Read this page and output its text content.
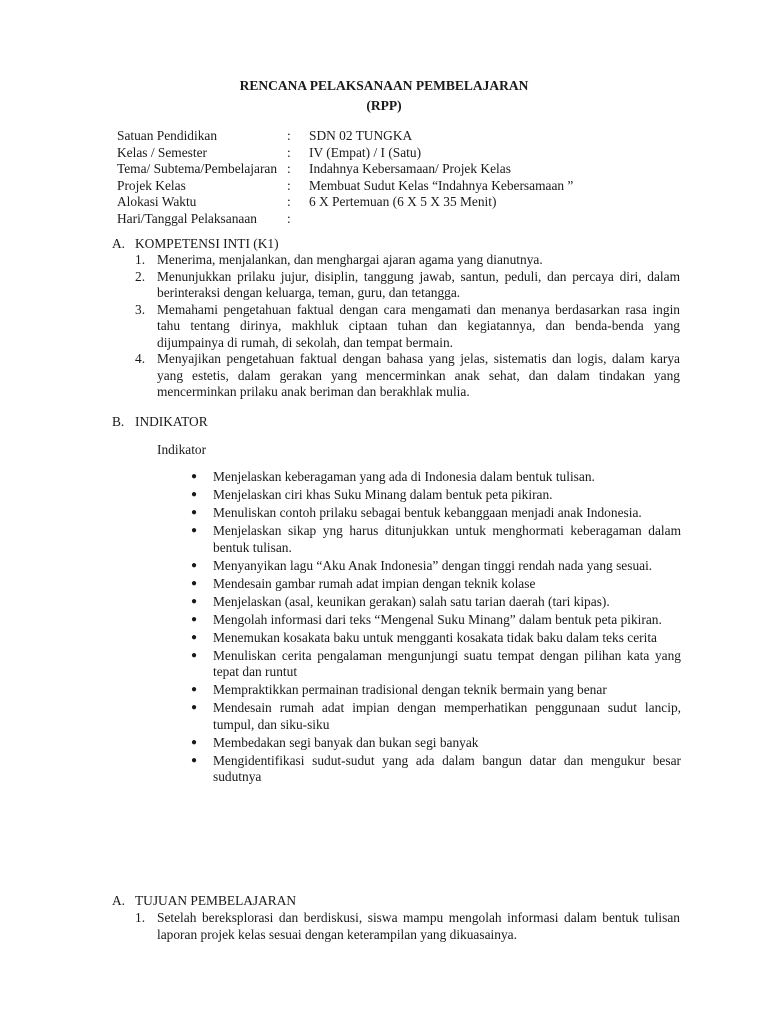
RENCANA PELAKSANAAN PEMBELAJARAN
(RPP)
Satuan Pendidikan	:	SDN 02 TUNGKA
Kelas / Semester	:	IV (Empat) / I (Satu)
Tema/ Subtema/Pembelajaran :	Indahnya Kebersamaan/ Projek Kelas
Projek Kelas	:	Membuat Sudut Kelas “Indahnya Kebersamaan ”
Alokasi Waktu	:	6 X Pertemuan (6 X 5 X 35 Menit)
Hari/Tanggal Pelaksanaan	:
A. KOMPETENSI INTI (K1)
1. Menerima, menjalankan, dan menghargai ajaran agama yang dianutnya.
2. Menunjukkan prilaku jujur, disiplin, tanggung jawab, santun, peduli, dan percaya diri, dalam berinteraksi dengan keluarga, teman, guru, dan tetangga.
3. Memahami pengetahuan faktual dengan cara mengamati dan menanya berdasarkan rasa ingin tahu tentang dirinya, makhluk ciptaan tuhan dan kegiatannya, dan benda-benda yang dijumpainya di rumah, di sekolah, dan tempat bermain.
4. Menyajikan pengetahuan faktual dengan bahasa yang jelas, sistematis dan logis, dalam karya yang estetis, dalam gerakan yang mencerminkan anak sehat, dan dalam tindakan yang mencerminkan prilaku anak beriman dan berakhlak mulia.
B. INDIKATOR
Indikator
●	Menjelaskan keberagaman yang ada di Indonesia dalam bentuk tulisan.
●	Menjelaskan ciri khas Suku Minang dalam bentuk peta pikiran.
●	Menuliskan contoh prilaku sebagai bentuk kebanggaan menjadi anak Indonesia.
●	Menjelaskan sikap yng harus ditunjukkan untuk menghormati keberagaman dalam bentuk tulisan.
●	Menyanyikan lagu “Aku Anak Indonesia” dengan tinggi rendah nada yang sesuai.
●	Mendesain gambar rumah adat impian dengan teknik kolase
●	Menjelaskan (asal, keunikan gerakan) salah satu tarian daerah (tari kipas).
●	Mengolah informasi dari teks “Mengenal Suku Minang” dalam bentuk peta pikiran.
●	Menemukan kosakata baku untuk mengganti kosakata tidak baku dalam teks cerita
●	Menuliskan cerita pengalaman mengunjungi suatu tempat dengan pilihan kata yang tepat dan runtut
●	Mempraktikkan permainan tradisional dengan teknik bermain yang benar
●	Mendesain rumah adat impian dengan memperhatikan penggunaan sudut lancip, tumpul, dan siku-siku
●	Membedakan segi banyak dan bukan segi banyak
●	Mengidentifikasi sudut-sudut yang ada dalam bangun datar dan mengukur besar sudutnya
A. TUJUAN PEMBELAJARAN
1. Setelah bereksplorasi dan berdiskusi, siswa mampu mengolah informasi dalam bentuk tulisan laporan projek kelas sesuai dengan keterampilan yang dikuasainya.
